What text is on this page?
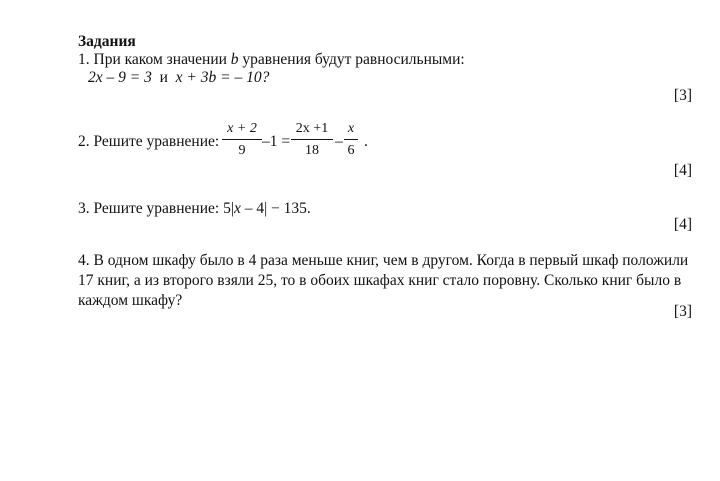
Задания
1. При каком значении b уравнения будут равносильными:
2x – 9 = 3 и x + 3b = – 10?
[3]
2. Решите уравнение:
x + 2
9
–1 =
2x +1
18
–
x
6
.
[4]
3. Решите уравнение: 5|x – 4| − 135.
[4]
4. В одном шкафу было в 4 раза меньше книг, чем в другом. Когда в первый шкаф положили 17 книг, а из второго взяли 25, то в обоих шкафах книг стало поровну. Сколько книг было в каждом шкафу?
[3]
